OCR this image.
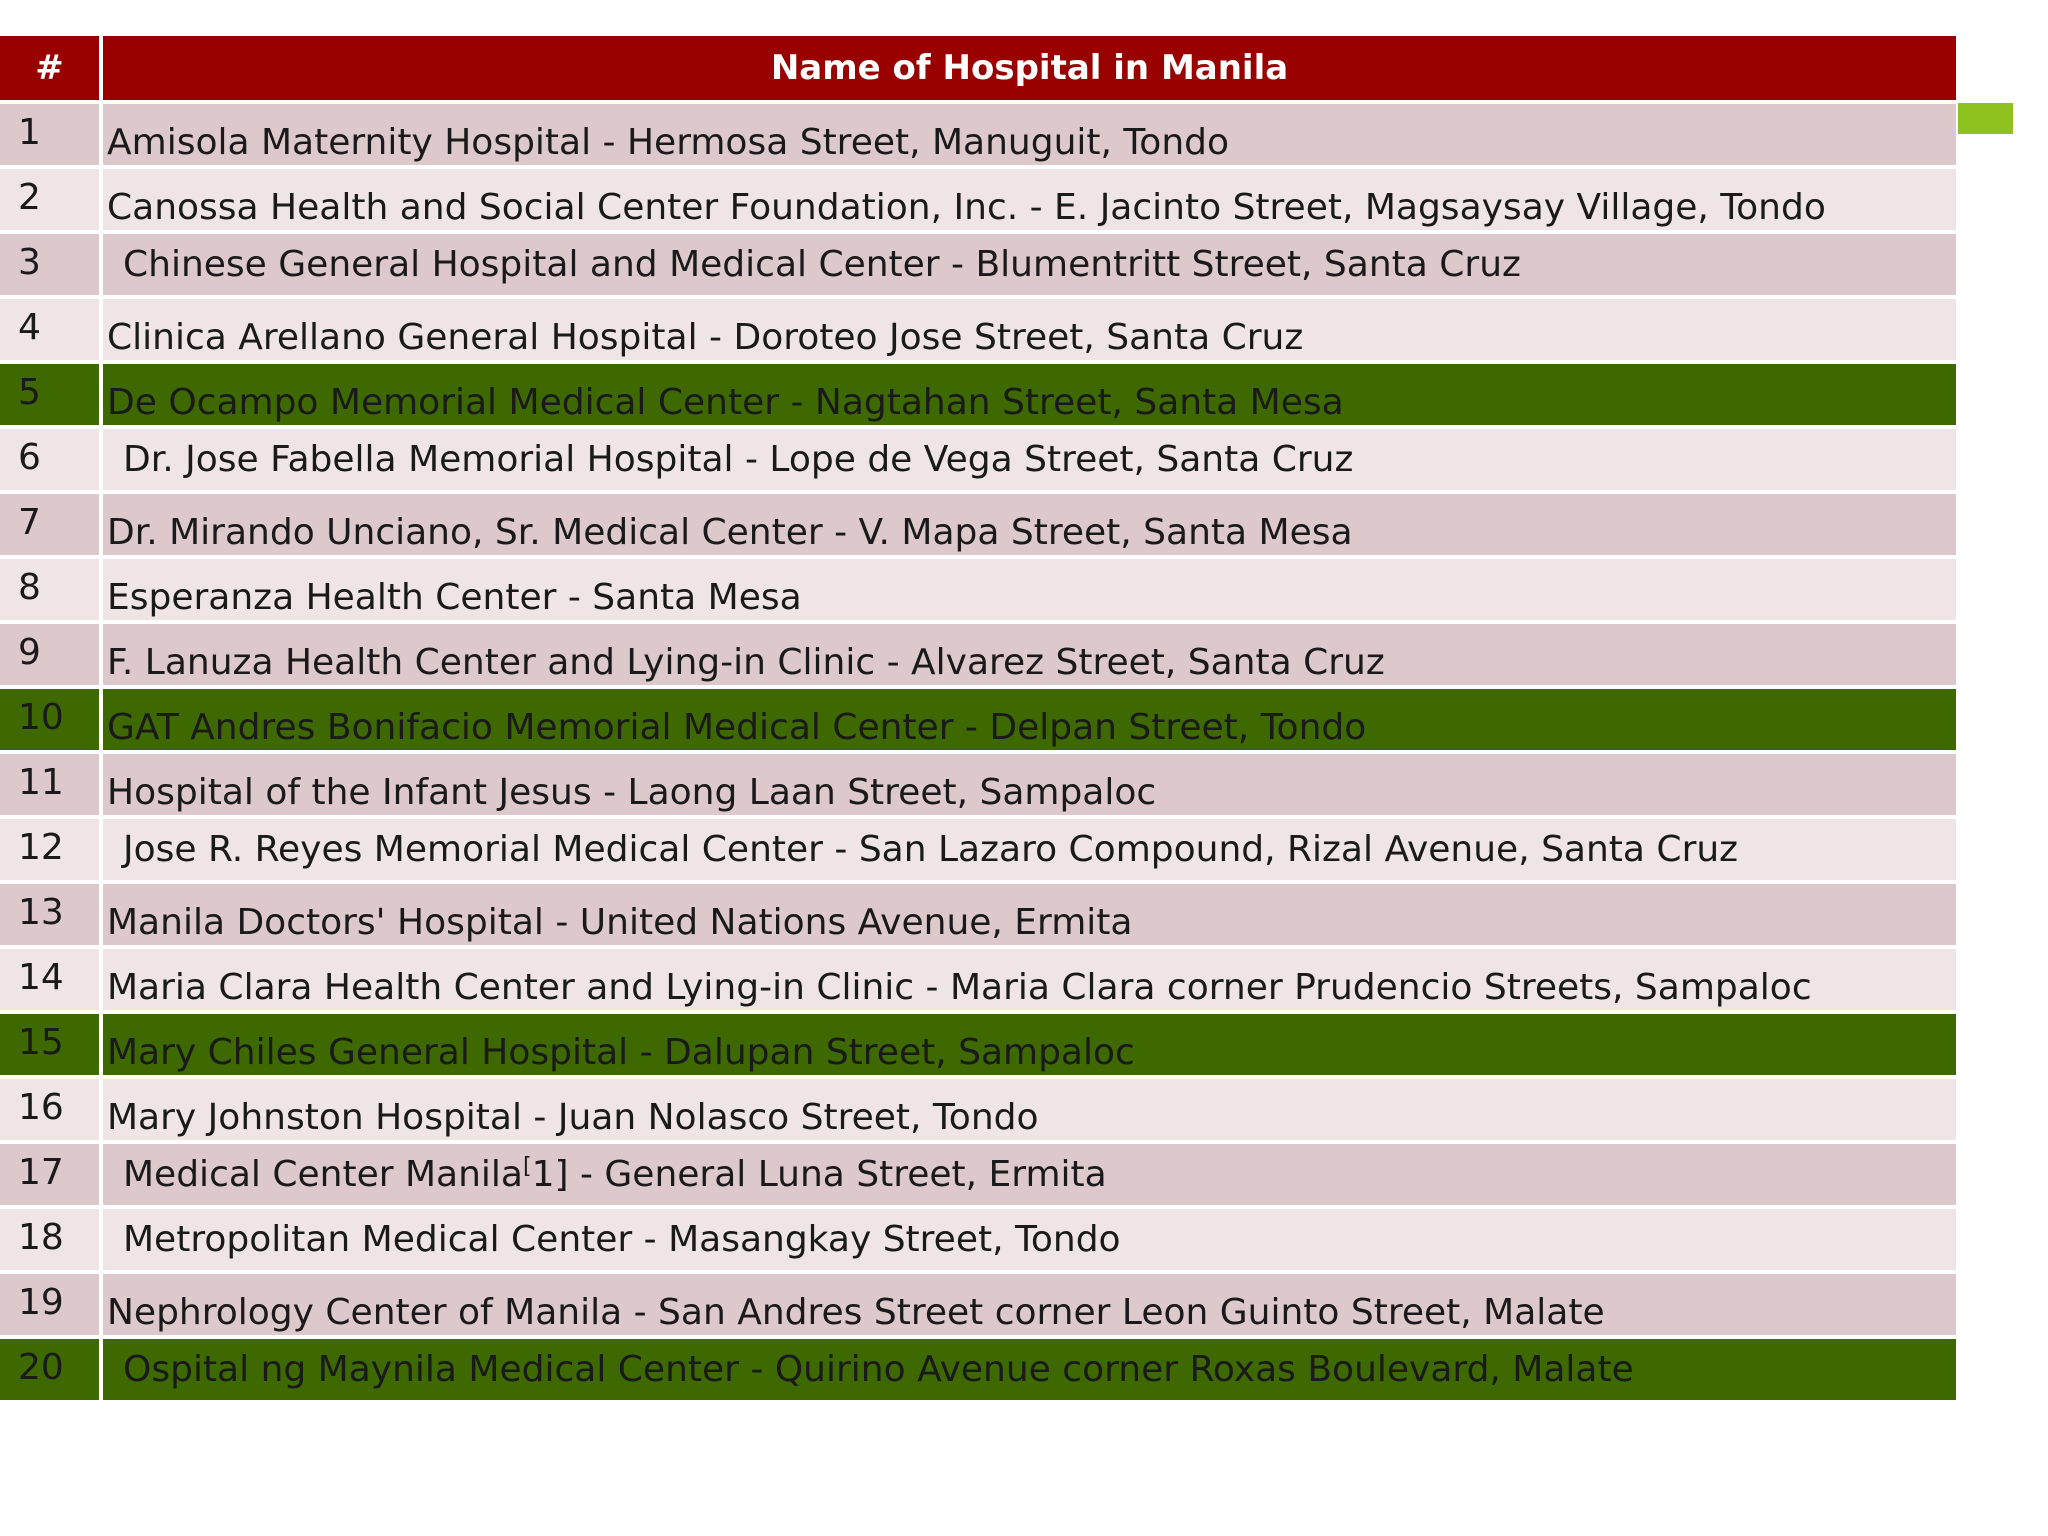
#	Name of Hospital in Manila
1	Amisola Maternity Hospital - Hermosa Street, Manuguit, Tondo
2	Canossa Health and Social Center Foundation, Inc. - E. Jacinto Street, Magsaysay Village, Tondo
3	Chinese General Hospital and Medical Center - Blumentritt Street, Santa Cruz
4	Clinica Arellano General Hospital - Doroteo Jose Street, Santa Cruz
5	De Ocampo Memorial Medical Center - Nagtahan Street, Santa Mesa
6	Dr. Jose Fabella Memorial Hospital - Lope de Vega Street, Santa Cruz
7	Dr. Mirando Unciano, Sr. Medical Center - V. Mapa Street, Santa Mesa
8	Esperanza Health Center - Santa Mesa
9	F. Lanuza Health Center and Lying-in Clinic - Alvarez Street, Santa Cruz
10	GAT Andres Bonifacio Memorial Medical Center - Delpan Street, Tondo
11	Hospital of the Infant Jesus - Laong Laan Street, Sampaloc
12	Jose R. Reyes Memorial Medical Center - San Lazaro Compound, Rizal Avenue, Santa Cruz
13	Manila Doctors' Hospital - United Nations Avenue, Ermita
14	Maria Clara Health Center and Lying-in Clinic - Maria Clara corner Prudencio Streets, Sampaloc
15	Mary Chiles General Hospital - Dalupan Street, Sampaloc
16	Mary Johnston Hospital - Juan Nolasco Street, Tondo
17	Medical Center Manila[1] - General Luna Street, Ermita
18	Metropolitan Medical Center - Masangkay Street, Tondo
19	Nephrology Center of Manila - San Andres Street corner Leon Guinto Street, Malate
20	Ospital ng Maynila Medical Center - Quirino Avenue corner Roxas Boulevard, Malate
